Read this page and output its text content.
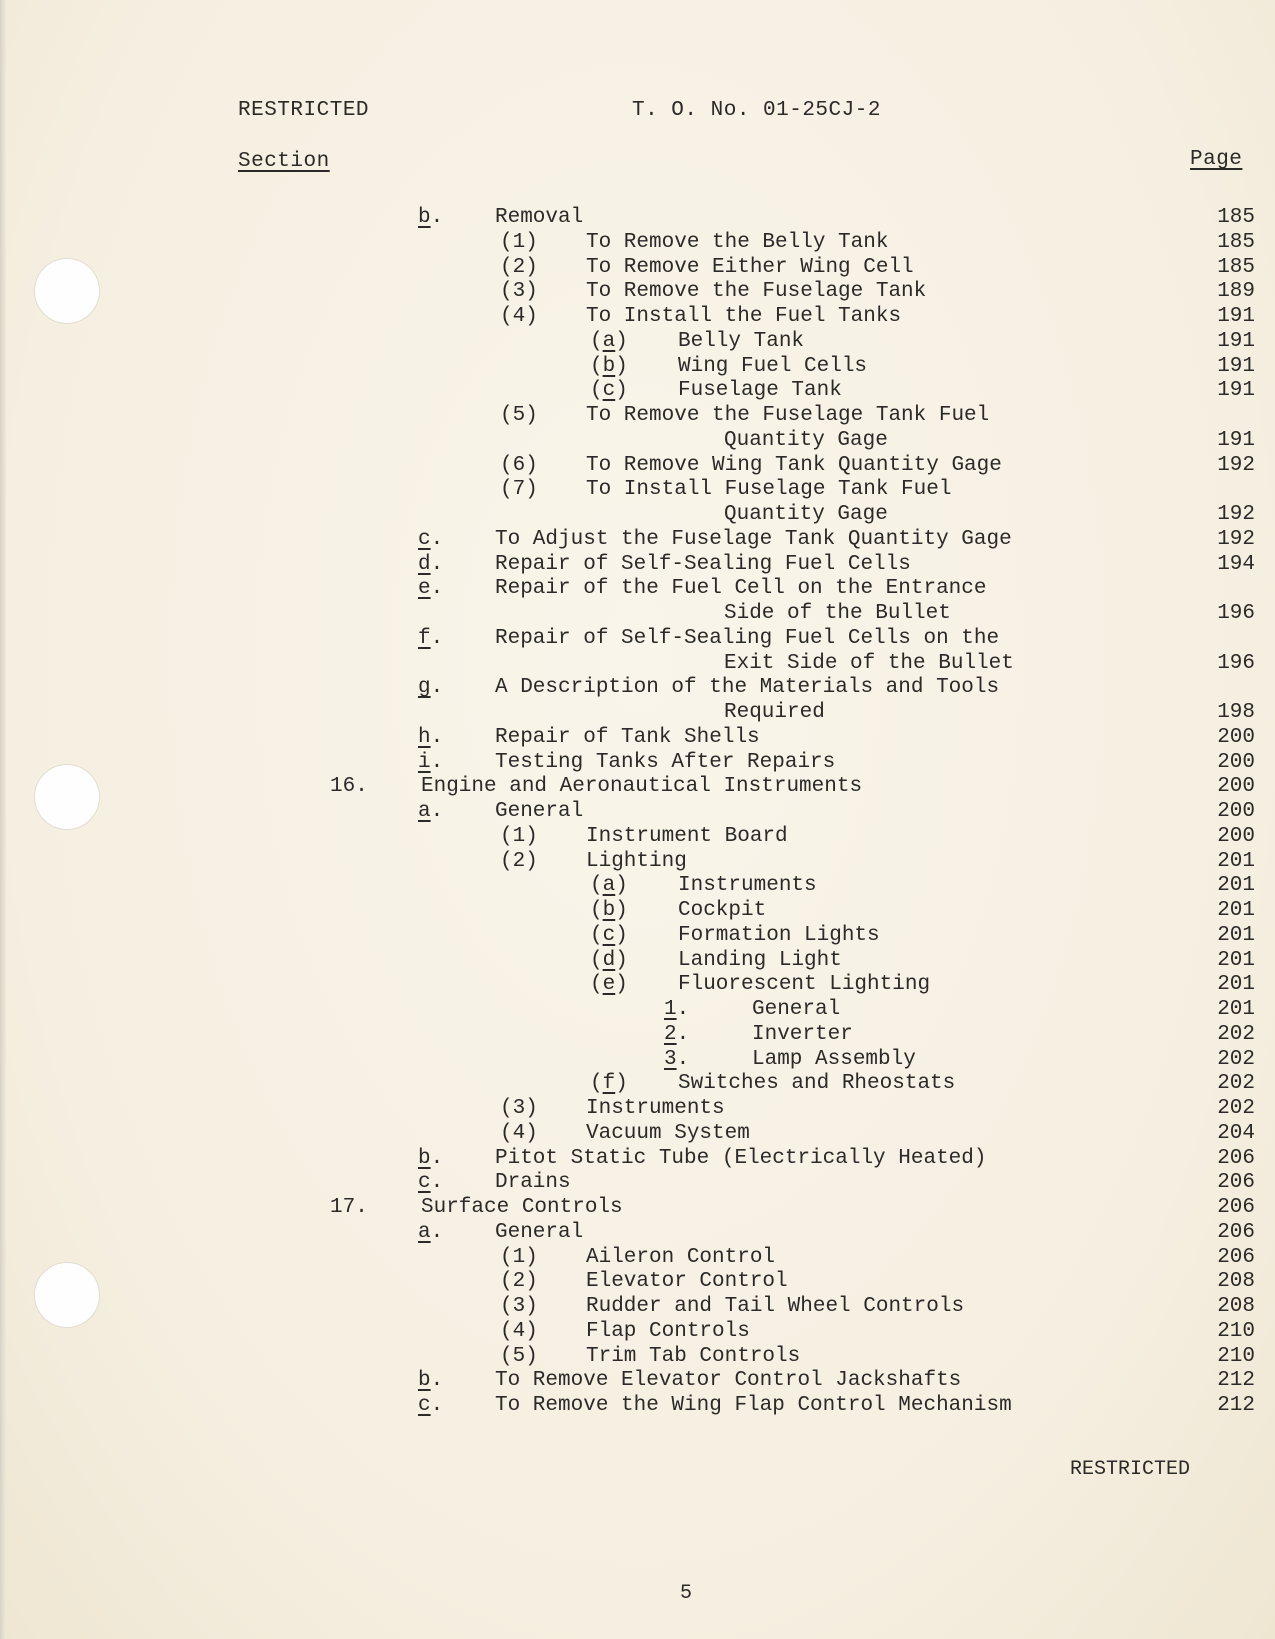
RESTRICTED	T. O. No. 01-25CJ-2
Section	Page
b. Removal	185
(1) To Remove the Belly Tank	185
(2) To Remove Either Wing Cell	185
(3) To Remove the Fuselage Tank	189
(4) To Install the Fuel Tanks	191
(a) Belly Tank	191
(b) Wing Fuel Cells	191
(c) Fuselage Tank	191
(5) To Remove the Fuselage Tank Fuel
Quantity Gage	191
(6) To Remove Wing Tank Quantity Gage	192
(7) To Install Fuselage Tank Fuel
Quantity Gage	192
c. To Adjust the Fuselage Tank Quantity Gage	192
d. Repair of Self-Sealing Fuel Cells	194
e. Repair of the Fuel Cell on the Entrance
Side of the Bullet	196
f. Repair of Self-Sealing Fuel Cells on the
Exit Side of the Bullet	196
g. A Description of the Materials and Tools
Required	198
h. Repair of Tank Shells	200
i. Testing Tanks After Repairs	200
16.	Engine and Aeronautical Instruments	200
a. General	200
(1) Instrument Board	200
(2) Lighting	201
(a) Instruments	201
(b) Cockpit	201
(c) Formation Lights	201
(d) Landing Light	201
(e) Fluorescent Lighting	201
1.	General	201
2.	Inverter	202
3.	Lamp Assembly	202
(f) Switches and Rheostats	202
(3) Instruments	202
(4) Vacuum System	204
b. Pitot Static Tube (Electrically Heated)	206
c. Drains	206
17.	Surface Controls	206
a. General	206
(1) Aileron Control	206
(2) Elevator Control	208
(3) Rudder and Tail Wheel Controls	208
(4) Flap Controls	210
(5) Trim Tab Controls	210
b. To Remove Elevator Control Jackshafts	212
c. To Remove the Wing Flap Control Mechanism	212
RESTRICTED
5
